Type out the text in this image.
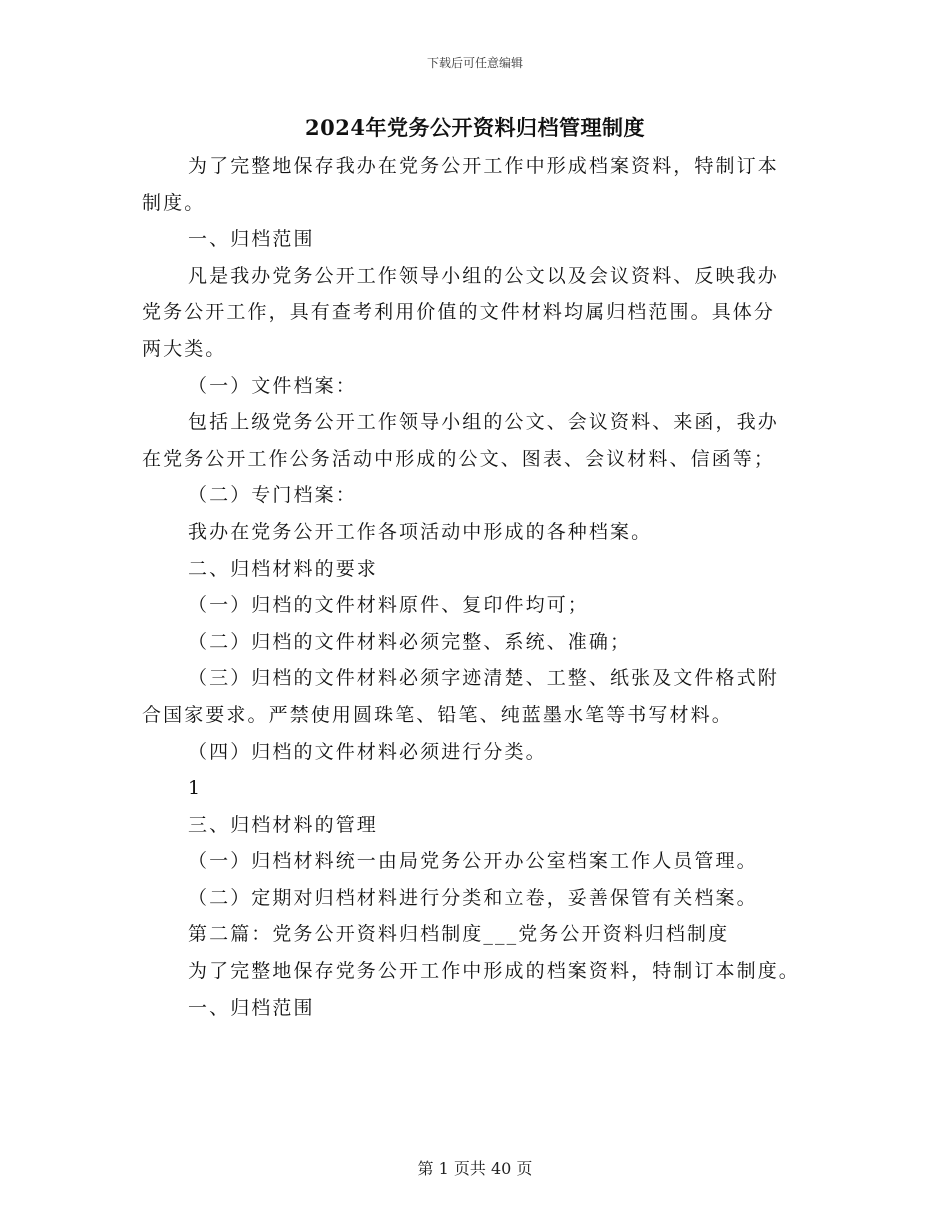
下载后可任意编辑
2024年党务公开资料归档管理制度
为了完整地保存我办在党务公开工作中形成档案资料，特制订本
制度。
一、归档范围
凡是我办党务公开工作领导小组的公文以及会议资料、反映我办
党务公开工作，具有查考利用价值的文件材料均属归档范围。具体分
两大类。
（一）文件档案：
包括上级党务公开工作领导小组的公文、会议资料、来函，我办
在党务公开工作公务活动中形成的公文、图表、会议材料、信函等；
（二）专门档案：
我办在党务公开工作各项活动中形成的各种档案。
二、归档材料的要求
（一）归档的文件材料原件、复印件均可；
（二）归档的文件材料必须完整、系统、准确；
（三）归档的文件材料必须字迹清楚、工整、纸张及文件格式附
合国家要求。严禁使用圆珠笔、铅笔、纯蓝墨水笔等书写材料。
（四）归档的文件材料必须进行分类。
1
三、归档材料的管理
（一）归档材料统一由局党务公开办公室档案工作人员管理。
（二）定期对归档材料进行分类和立卷，妥善保管有关档案。
第二篇：党务公开资料归档制度___党务公开资料归档制度
为了完整地保存党务公开工作中形成的档案资料，特制订本制度。
一、归档范围
第 1 页共 40 页
